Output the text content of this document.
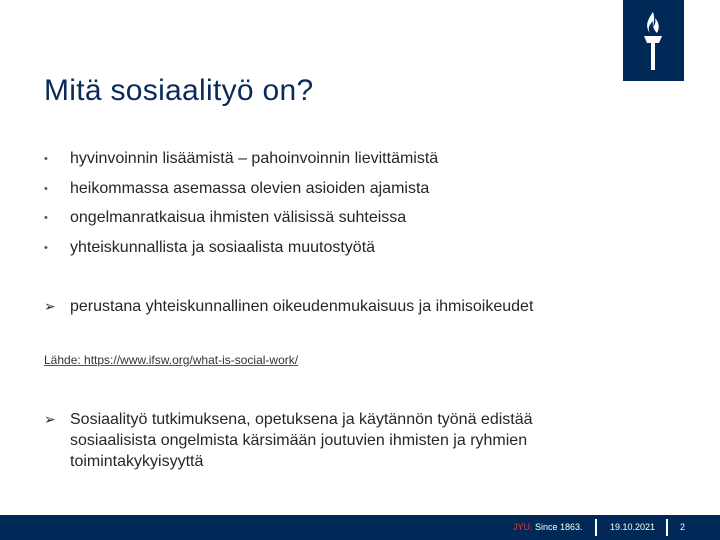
Mitä sosiaalityö on?
•	hyvinvoinnin lisäämistä – pahoinvoinnin lievittämistä
•	heikommassa asemassa olevien asioiden ajamista
•	ongelmanratkaisua ihmisten välisissä suhteissa
•	yhteiskunnallista ja sosiaalista muutostyötä
➢ perustana yhteiskunnallinen oikeudenmukaisuus ja ihmisoikeudet
Lähde: https://www.ifsw.org/what-is-social-work/
➢ Sosiaalityö tutkimuksena, opetuksena ja käytännön työnä edistää
sosiaalisista ongelmista kärsimään joutuvien ihmisten ja ryhmien
toimintakykyisyyttä
JYU. Since 1863.	19.10.2021	2
